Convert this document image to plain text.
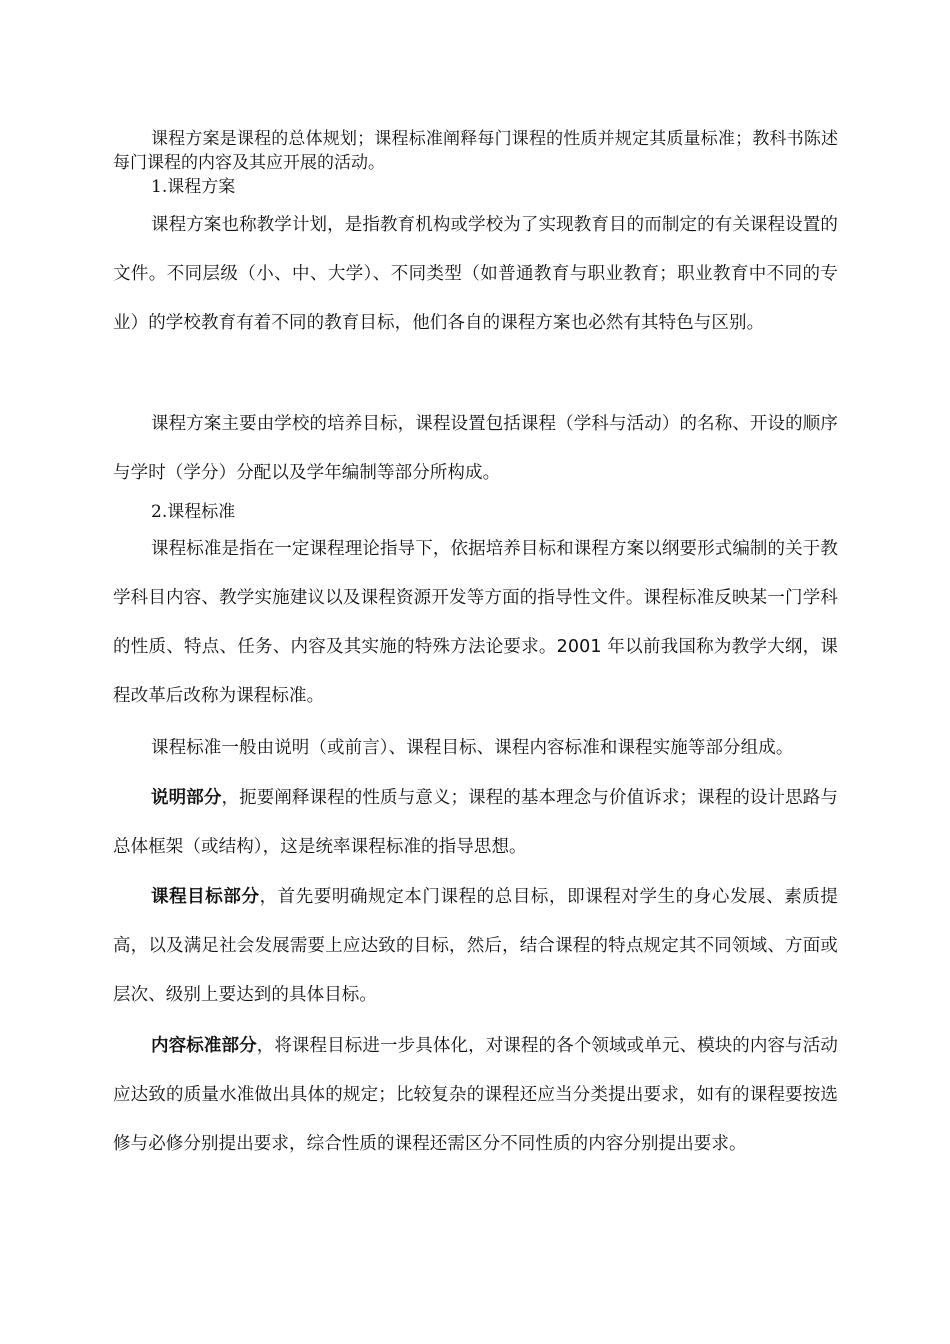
课程方案是课程的总体规划；课程标准阐释每门课程的性质并规定其质量标准；教科书陈述每门课程的内容及其应开展的活动。

1.课程方案

课程方案也称教学计划，是指教育机构或学校为了实现教育目的而制定的有关课程设置的文件。不同层级（小、中、大学）、不同类型（如普通教育与职业教育；职业教育中不同的专业）的学校教育有着不同的教育目标，他们各自的课程方案也必然有其特色与区别。

课程方案主要由学校的培养目标，课程设置包括课程（学科与活动）的名称、开设的顺序与学时（学分）分配以及学年编制等部分所构成。

2.课程标准

课程标准是指在一定课程理论指导下，依据培养目标和课程方案以纲要形式编制的关于教学科目内容、教学实施建议以及课程资源开发等方面的指导性文件。课程标准反映某一门学科的性质、特点、任务、内容及其实施的特殊方法论要求。2001 年以前我国称为教学大纲，课程改革后改称为课程标准。

课程标准一般由说明（或前言）、课程目标、课程内容标准和课程实施等部分组成。

说明部分，扼要阐释课程的性质与意义；课程的基本理念与价值诉求；课程的设计思路与总体框架（或结构），这是统率课程标准的指导思想。

课程目标部分，首先要明确规定本门课程的总目标，即课程对学生的身心发展、素质提高，以及满足社会发展需要上应达致的目标，然后，结合课程的特点规定其不同领域、方面或层次、级别上要达到的具体目标。

内容标准部分，将课程目标进一步具体化，对课程的各个领域或单元、模块的内容与活动应达致的质量水准做出具体的规定；比较复杂的课程还应当分类提出要求，如有的课程要按选修与必修分别提出要求，综合性质的课程还需区分不同性质的内容分别提出要求。
